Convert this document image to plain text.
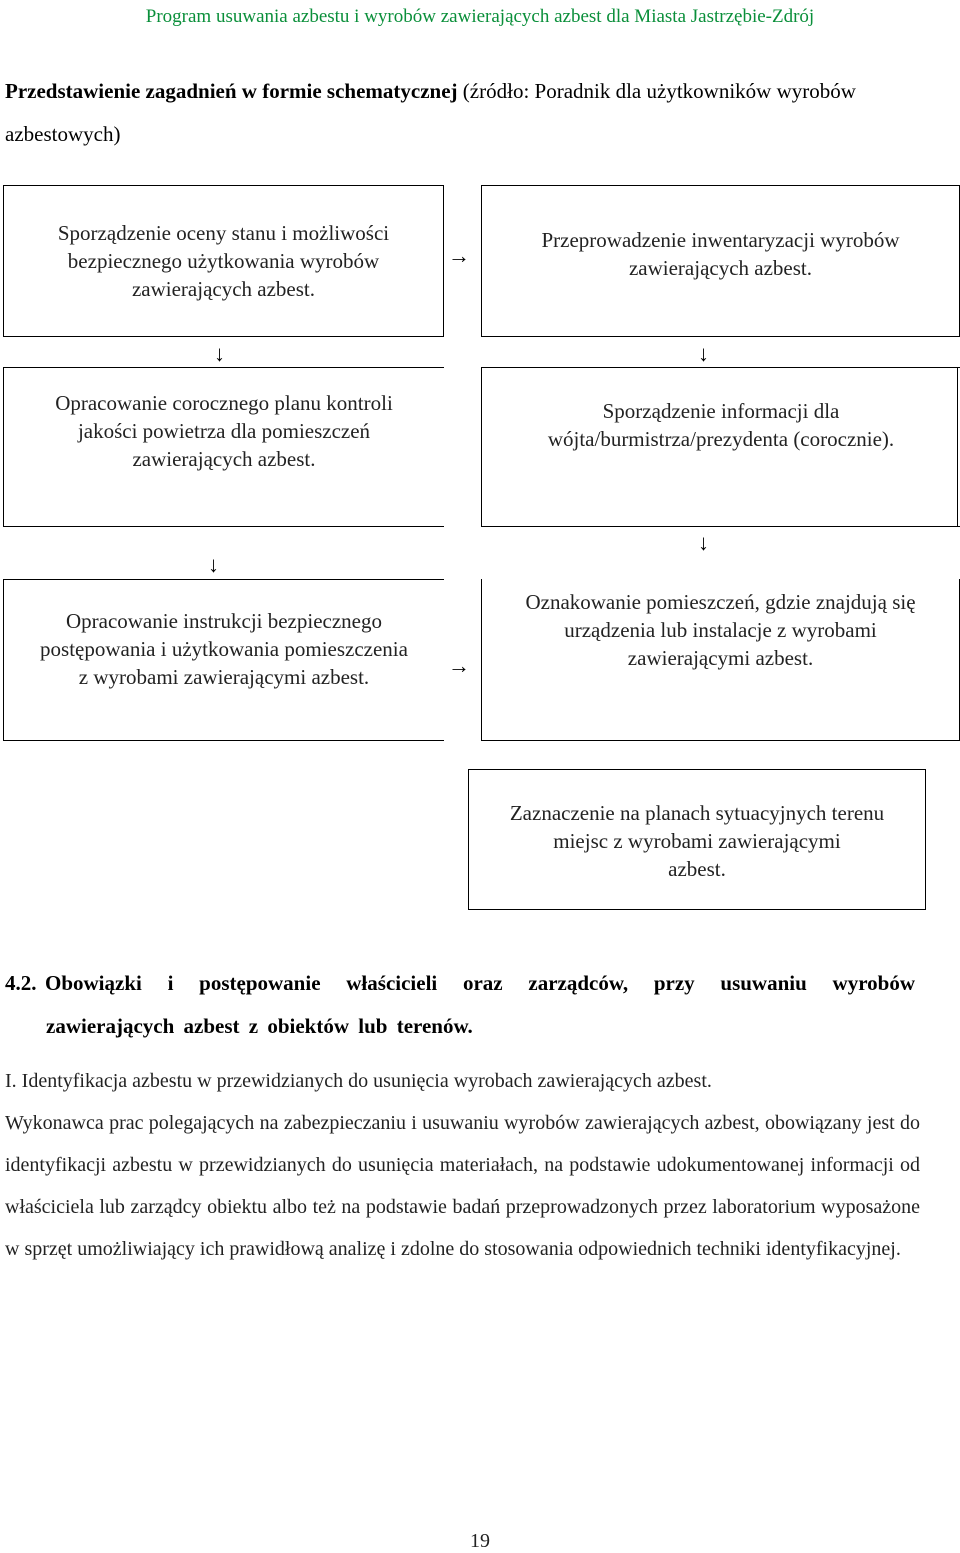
Program usuwania azbestu i wyrobów zawierających azbest dla Miasta Jastrzębie-Zdrój
Przedstawienie zagadnień w formie schematycznej (źródło: Poradnik dla użytkowników wyrobów azbestowych)
Sporządzenie oceny stanu i możliwości
bezpiecznego użytkowania wyrobów
zawierających azbest.
→
Przeprowadzenie inwentaryzacji wyrobów
zawierających azbest.
↓	↓
Opracowanie corocznego planu kontroli
jakości powietrza dla pomieszczeń
zawierających azbest.
Sporządzenie informacji dla
wójta/burmistrza/prezydenta (corocznie).
↓
↓
Opracowanie instrukcji bezpiecznego
postępowania i użytkowania pomieszczenia
z wyrobami zawierającymi azbest.	→
Oznakowanie pomieszczeń, gdzie znajdują się
urządzenia lub instalacje z wyrobami
zawierającymi azbest.
Zaznaczenie na planach sytuacyjnych terenu
miejsc z wyrobami zawierającymi
azbest.
4.2. Obowiązki i postępowanie właścicieli oraz zarządców, przy usuwaniu wyrobów
zawierających azbest z obiektów lub terenów.
I. Identyfikacja azbestu w przewidzianych do usunięcia wyrobach zawierających azbest.
Wykonawca prac polegających na zabezpieczaniu i usuwaniu wyrobów zawierających azbest, obowiązany jest do identyfikacji azbestu w przewidzianych do usunięcia materiałach, na podstawie udokumentowanej informacji od właściciela lub zarządcy obiektu albo też na podstawie badań przeprowadzonych przez laboratorium wyposażone w sprzęt umożliwiający ich prawidłową analizę i zdolne do stosowania odpowiednich techniki identyfikacyjnej.
19
